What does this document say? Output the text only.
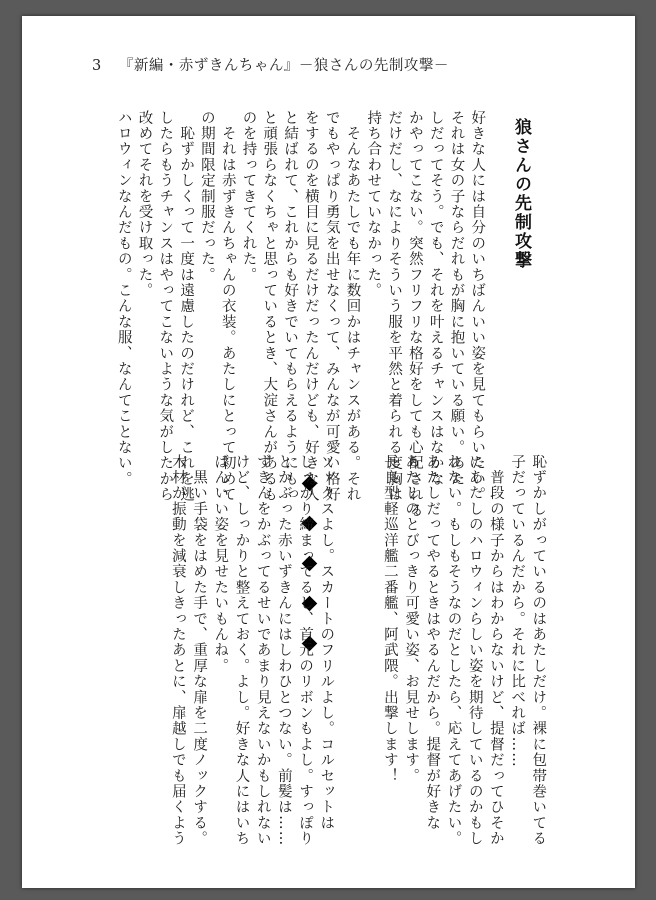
3 『新編・赤ずきんちゃん』－狼さんの先制攻撃－
狼さんの先制攻撃
好きな人には自分のいちばんいい姿を見てもらいたい。
それは女の子ならだれもが胸に抱いている願い。あた
しだってそう。でも、それを叶えるチャンスはなかな
かやってこない。突然フリフリな格好をしても心配される
だけだし、なによりそういう服を平然と着られる度胸は
持ち合わせていなかった。
　そんなあたしでも年に数回かはチャンスがある。それ
でもやっぱり勇気を出せなくって、みんなが可愛い格好
をするのを横目に見るだけだったんだけども、好きな人
と結ばれて、これからも好きでいてもらえるようにもっ
と頑張らなくちゃと思っているとき、大淀さんがあるも
のを持ってきてくれた。
　それは赤ずきんちゃんの衣装。あたしにとって初めて
の期間限定制服だった。
　恥ずかしくって一度は遠慮したのだけれど、これを逃
したらもうチャンスはやってこないような気がしたから
改めてそれを受け取った。
ハロウィンなんだもの。こんな服、なんてことない。
恥ずかしがっているのはあたしだけ。裸に包帯巻いてる
子だっているんだから。それに比べれば……
　普段の様子からはわからないけど、提督だってひそか
にあたしのハロウィンらしい姿を期待しているのかもし
れない。もしもそうなのだとしたら、応えてあげたい。
あたしだってやるときはやるんだから。提督が好きな
あたしのとびっきり可愛い姿、お見せします。
長良型軽巡洋艦二番艦、阿武隈。出撃します！
ソックスよし。スカートのフリルよし。コルセットは
しっかり締まってるし、首元のリボンもよし。すっぽり
とかぶった赤いずきんにはしわひとつない。前髪は……
ずきんをかぶってるせいであまり見えないかもしれない
けど、しっかりと整えておく。よし。好きな人にはいち
ばんいい姿を見せたいもんね。
　黒い手袋をはめた手で、重厚な扉を二度ノックする。
木材が振動を減衰しきったあとに、扉越しでも届くよう
